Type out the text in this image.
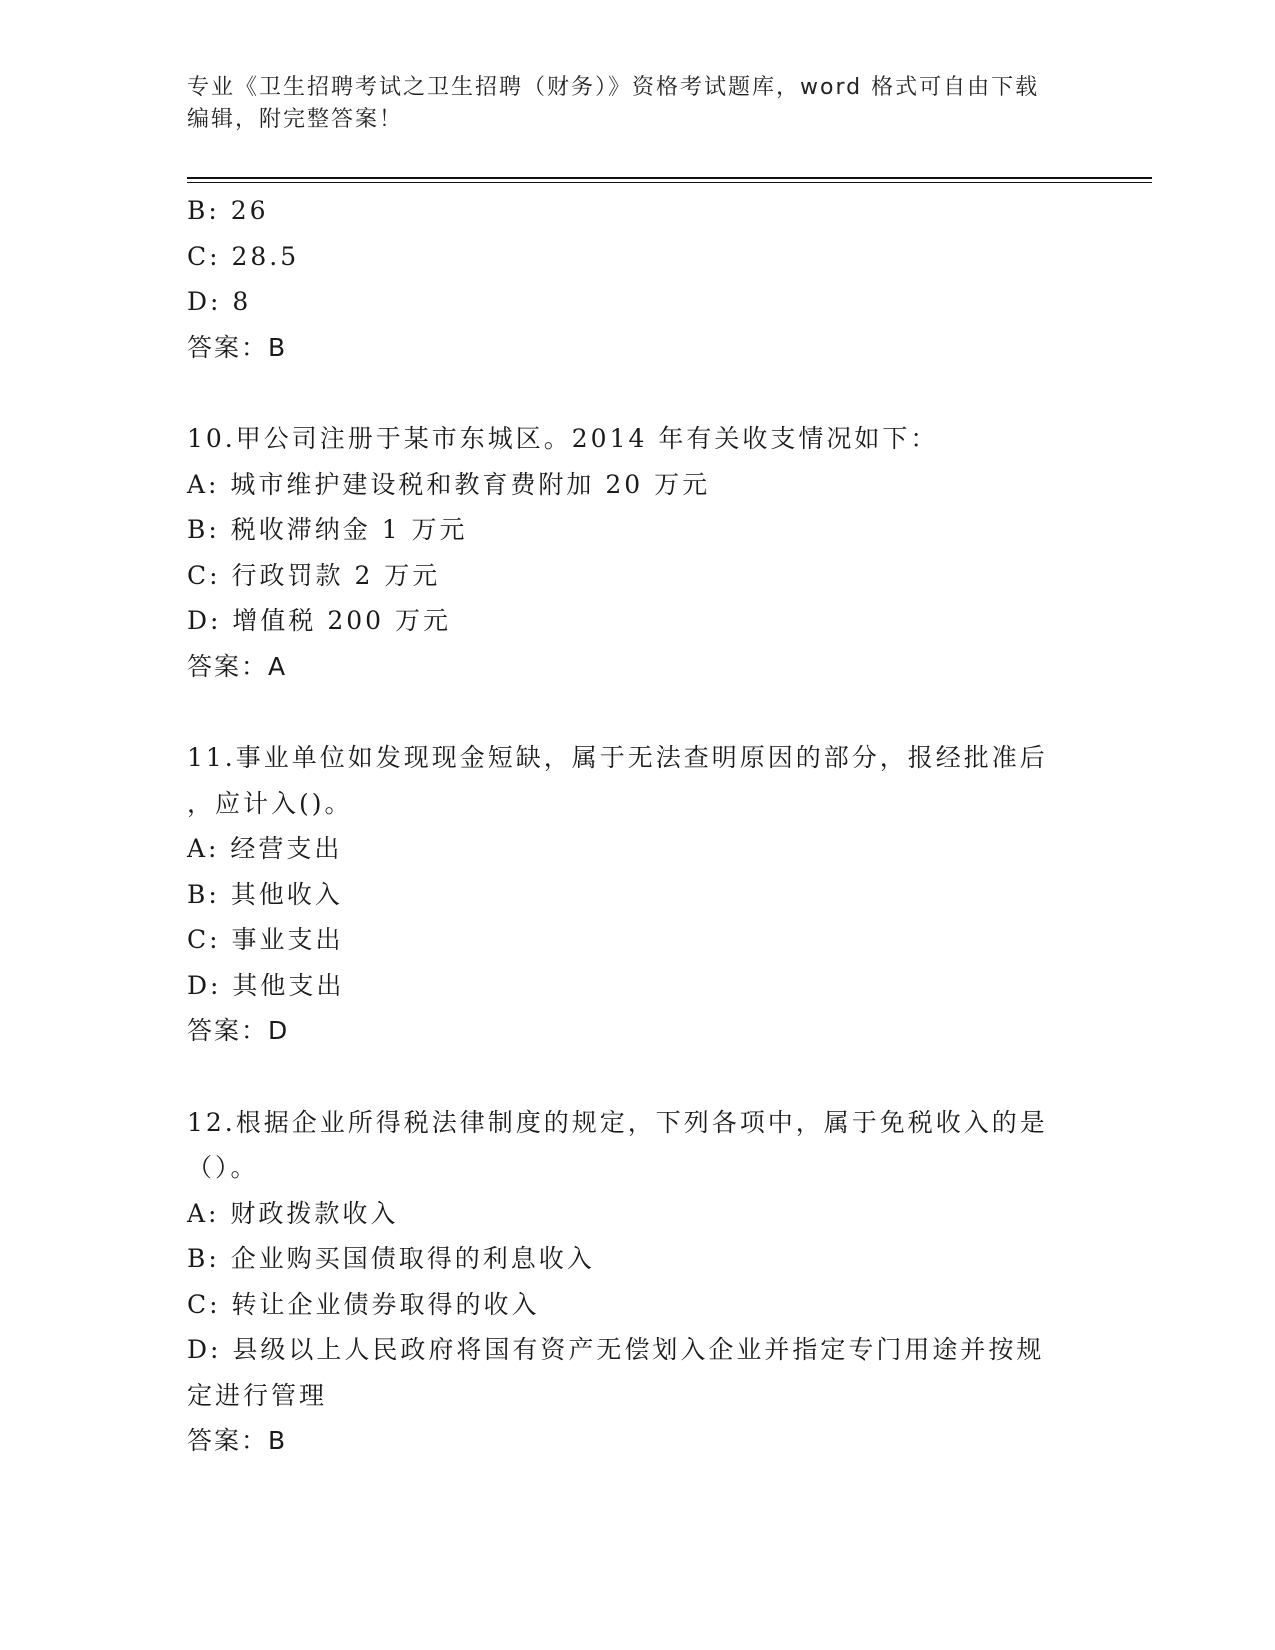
专业《卫生招聘考试之卫生招聘（财务）》资格考试题库，word 格式可自由下载
编辑，附完整答案！

B: 26

C: 28.5

D: 8

答案：B

10.甲公司注册于某市东城区。2014 年有关收支情况如下：

A: 城市维护建设税和教育费附加 20 万元

B: 税收滞纳金 1 万元

C: 行政罚款 2 万元

D: 增值税 200 万元

答案：A

11.事业单位如发现现金短缺，属于无法查明原因的部分，报经批准后

，应计入()。

A: 经营支出

B: 其他收入

C: 事业支出

D: 其他支出

答案：D

12.根据企业所得税法律制度的规定，下列各项中，属于免税收入的是

（）。

A: 财政拨款收入

B: 企业购买国债取得的利息收入

C: 转让企业债券取得的收入

D: 县级以上人民政府将国有资产无偿划入企业并指定专门用途并按规

定进行管理

答案：B
